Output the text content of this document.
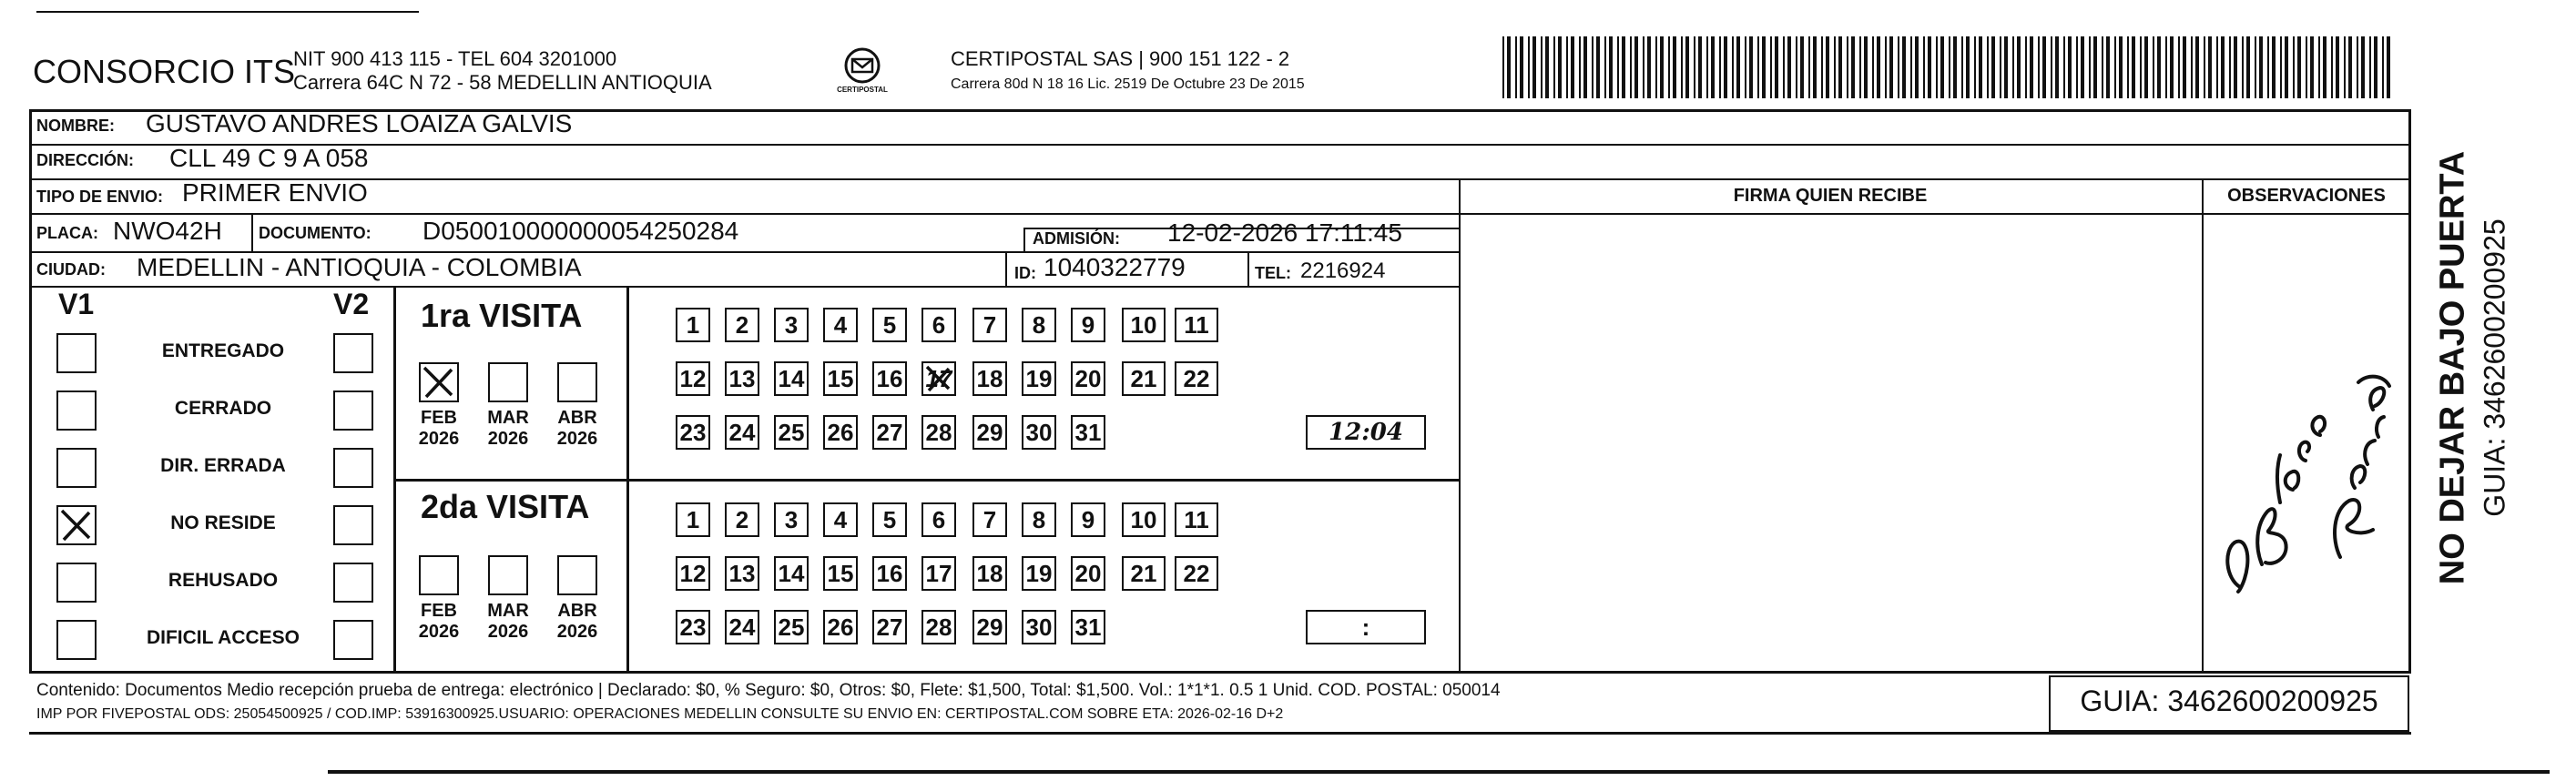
CONSORCIO ITS
NIT 900 413 115 - TEL 604 3201000
Carrera 64C N 72 - 58 MEDELLIN ANTIOQUIA	CERTIPOSTAL
CERTIPOSTAL SAS | 900 151 122 - 2
Carrera 80d N 18 16 Lic. 2519 De Octubre 23 De 2015
FIRMA QUIEN RECIBE	OBSERVACIONES
NOMBRE: GUSTAVO ANDRES LOAIZA GALVIS
DIRECCIÓN: CLL 49 C 9 A 058
TIPO DE ENVIO: PRIMER ENVIO
PLACA: NWO42H DOCUMENTO: D050010000000054250284	ADMISIÓN: 12-02-2026 17:11:45
CIUDAD: MEDELLIN - ANTIOQUIA - COLOMBIA	ID: 1040322779	TEL: 2216924
V1	V2
ENTREGADO
CERRADO
DIR. ERRADA
NO RESIDE
REHUSADO
DIFICIL ACCESO
1ra VISITA
2da VISITA
FEB
2026
MAR
2026
ABR
2026
FEB
2026
MAR
2026
ABR
2026
1	2	3	4	5	6	7	8	9	10	11
12 13 14 15 16 17 18 19 20	21	22
23 24 25 26 27 28 29 30 31	12:04
1	2	3	4	5	6	7	8	9	10	11
12 13 14 15 16 17 18 19 20	21	22
23 24 25 26 27 28 29 30 31	:
NO DEJAR BAJO PUERTA GUIA: 3462600200925
Contenido: Documentos Medio recepción prueba de entrega: electrónico | Declarado: $0, % Seguro: $0, Otros: $0, Flete: $1,500, Total: $1,500. Vol.: 1*1*1. 0.5 1 Unid. COD. POSTAL: 050014
IMP POR FIVEPOSTAL ODS: 25054500925 / COD.IMP: 53916300925.USUARIO: OPERACIONES MEDELLIN CONSULTE SU ENVIO EN: CERTIPOSTAL.COM SOBRE ETA: 2026-02-16 D+2	GUIA: 3462600200925
